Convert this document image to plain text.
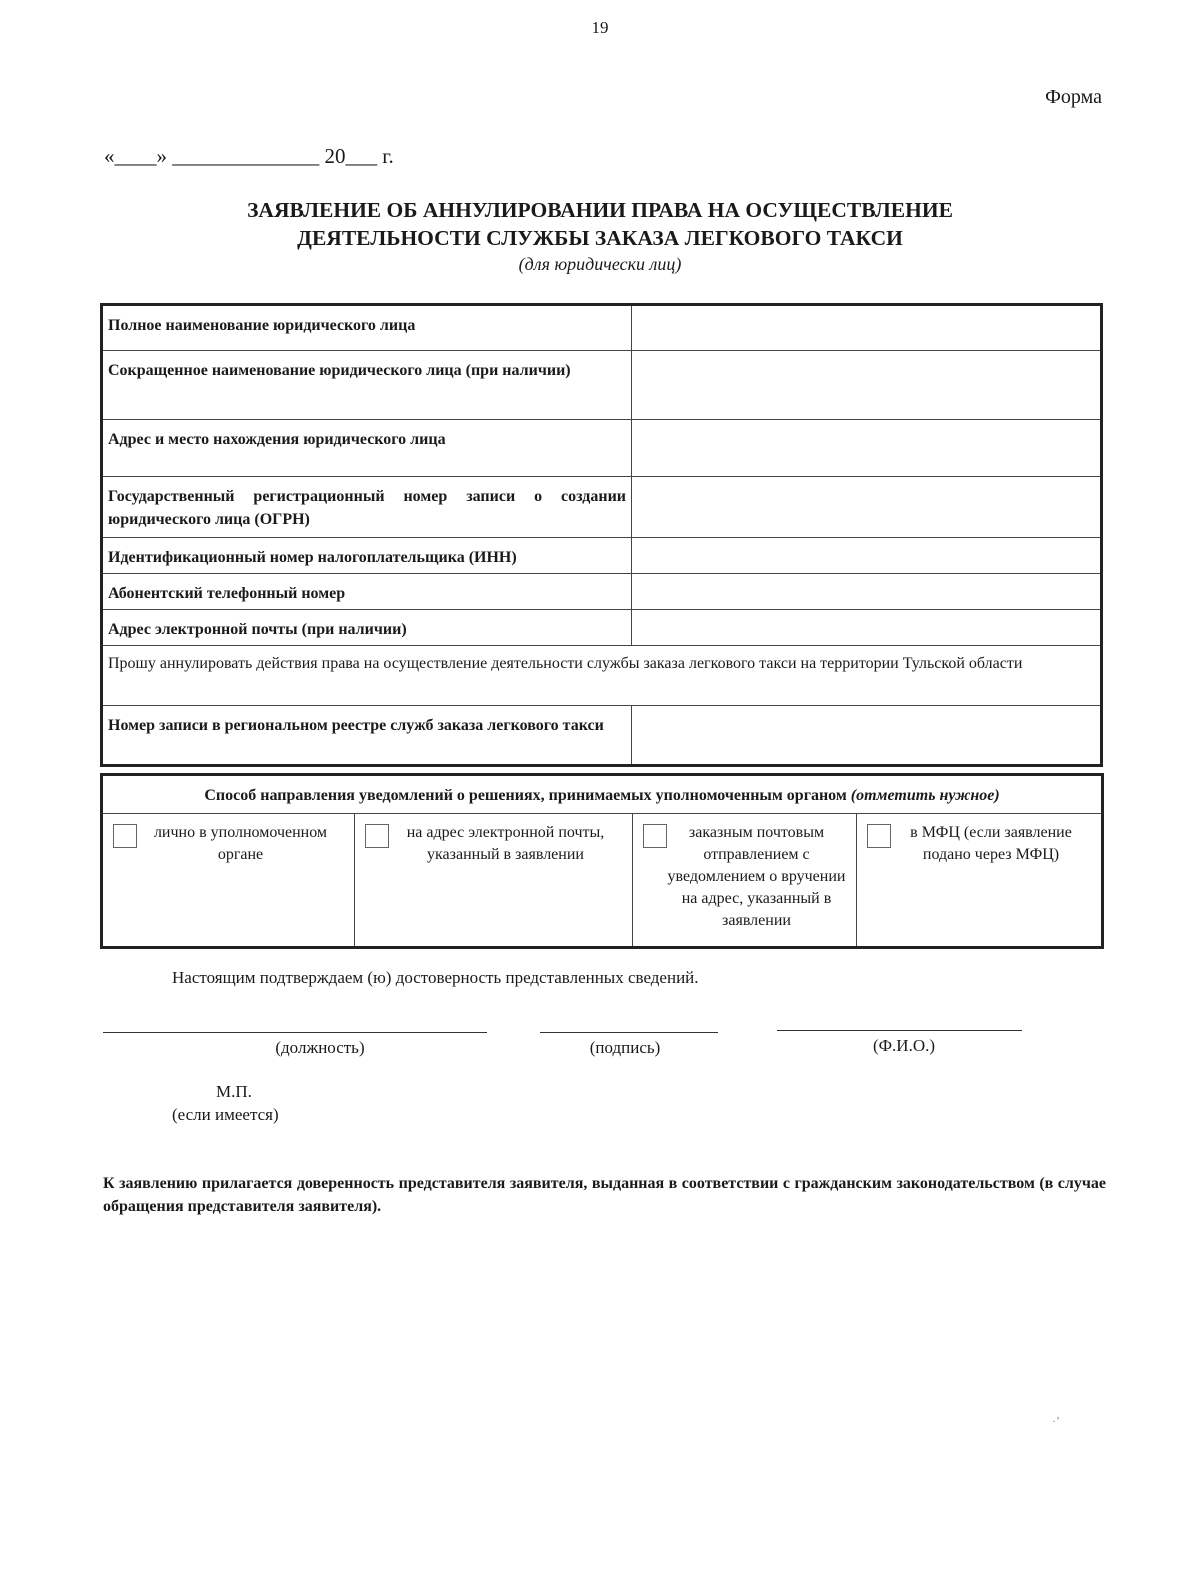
19
Форма
«____» ______________ 20___ г.
ЗАЯВЛЕНИЕ ОБ АННУЛИРОВАНИИ ПРАВА НА ОСУЩЕСТВЛЕНИЕ
ДЕЯТЕЛЬНОСТИ СЛУЖБЫ ЗАКАЗА ЛЕГКОВОГО ТАКСИ
(для юридически лиц)
Полное наименование юридического лица	
Сокращенное наименование юридического лица (при наличии)	
Адрес и место нахождения юридического лица	
Государственный регистрационный номер записи о создании юридического лица (ОГРН)	
Идентификационный номер налогоплательщика (ИНН)	
Абонентский телефонный номер	
Адрес электронной почты (при наличии)	
Прошу аннулировать действия права на осуществление деятельности службы заказа легкового такси на территории Тульской области	
Номер записи в региональном реестре служб заказа легкового такси	
Способ направления уведомлений о решениях, принимаемых уполномоченным органом (отметить нужное)

лично в уполномоченном органе

на адрес электронной почты, указанный в заявлении

заказным почтовым отправлением с уведомлением о вручении на адрес, указанный в заявлении

в МФЦ (если заявление подано через МФЦ)
Настоящим подтверждаем (ю) достоверность представленных сведений.
(должность)	(подпись)	(Ф.И.О.)
М.П.
(если имеется)
К заявлению прилагается доверенность представителя заявителя, выданная в соответствии с гражданским законодательством (в случае обращения представителя заявителя).
·ʼ
